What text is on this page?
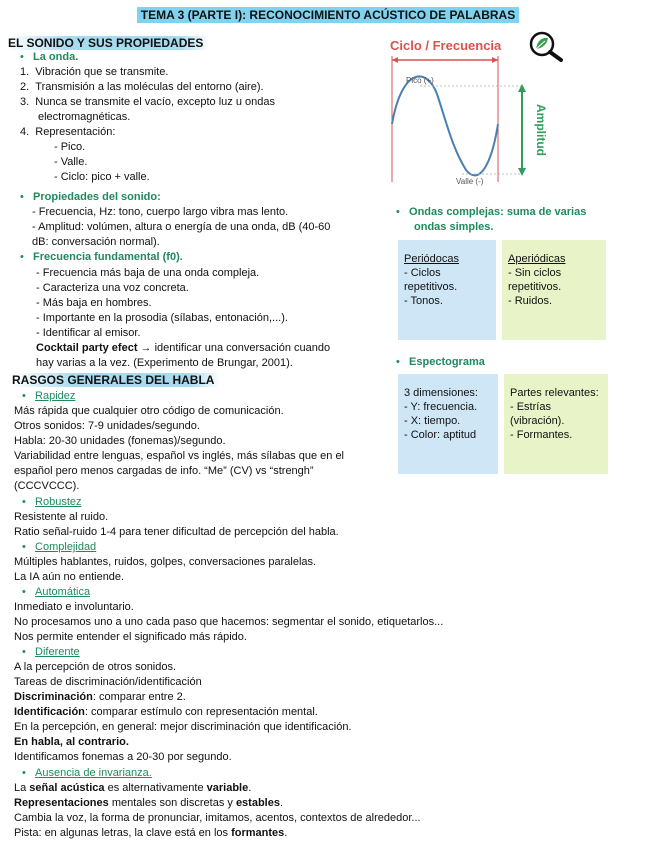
TEMA 3 (PARTE I): RECONOCIMIENTO ACÚSTICO DE PALABRAS
EL SONIDO Y SUS PROPIEDADES
• La onda.
1.  Vibración que se transmite.
2.  Transmisión a las moléculas del entorno (aire).
3.  Nunca se transmite el vacío, excepto luz u ondas
electromagnéticas.
4.  Representación:
- Pico.
- Valle.
- Ciclo: pico + valle.
Ciclo / Frecuencia
Pico (+)
Valle (-)
Amplitud
• Propiedades del sonido:
- Frecuencia, Hz: tono, cuerpo largo vibra mas lento.
- Amplitud: volúmen, altura o energía de una onda, dB (40-60
dB: conversación normal).
• Frecuencia fundamental (f0).
- Frecuencia más baja de una onda compleja.
- Caracteriza una voz concreta.
- Más baja en hombres.
- Importante en la prosodia (sílabas, entonación,...).
- Identificar al emisor.
Cocktail party efect → identificar una conversación cuando
hay varias a la vez. (Experimento de Brungar, 2001).
• Ondas complejas: suma de varias
ondas simples.
Periódocas
- Ciclos
repetitivos.
- Tonos.
Aperiódicas
- Sin ciclos
repetitivos.
- Ruidos.
• Espectograma
3 dimensiones:
- Y: frecuencia.
- X: tiempo.
- Color: aptitud
Partes relevantes:
- Estrías
(vibración).
- Formantes.
RASGOS GENERALES DEL HABLA
• Rapidez
Más rápida que cualquier otro código de comunicación.
Otros sonidos: 7-9 unidades/segundo.
Habla: 20-30 unidades (fonemas)/segundo.
Variabilidad entre lenguas, español vs inglés, más sílabas que en el
español pero menos cargadas de info. “Me” (CV) vs “strengh”
(CCCVCCC).
• Robustez
Resistente al ruido.
Ratio señal-ruido 1-4 para tener dificultad de percepción del habla.
• Complejidad
Múltiples hablantes, ruidos, golpes, conversaciones paralelas.
La IA aún no entiende.
• Automática
Inmediato e involuntario.
No procesamos uno a uno cada paso que hacemos: segmentar el sonido, etiquetarlos...
Nos permite entender el significado más rápido.
• Diferente
A la percepción de otros sonidos.
Tareas de discriminación/identificación
Discriminación: comparar entre 2.
Identificación: comparar estímulo con representación mental.
En la percepción, en general: mejor discriminación que identificación.
En habla, al contrario.
Identificamos fonemas a 20-30 por segundo.
• Ausencia de invarianza.
La señal acústica es alternativamente variable.
Representaciones mentales son discretas y estables.
Cambia la voz, la forma de pronunciar, imitamos, acentos, contextos de alrededor...
Pista: en algunas letras, la clave está en los formantes.
